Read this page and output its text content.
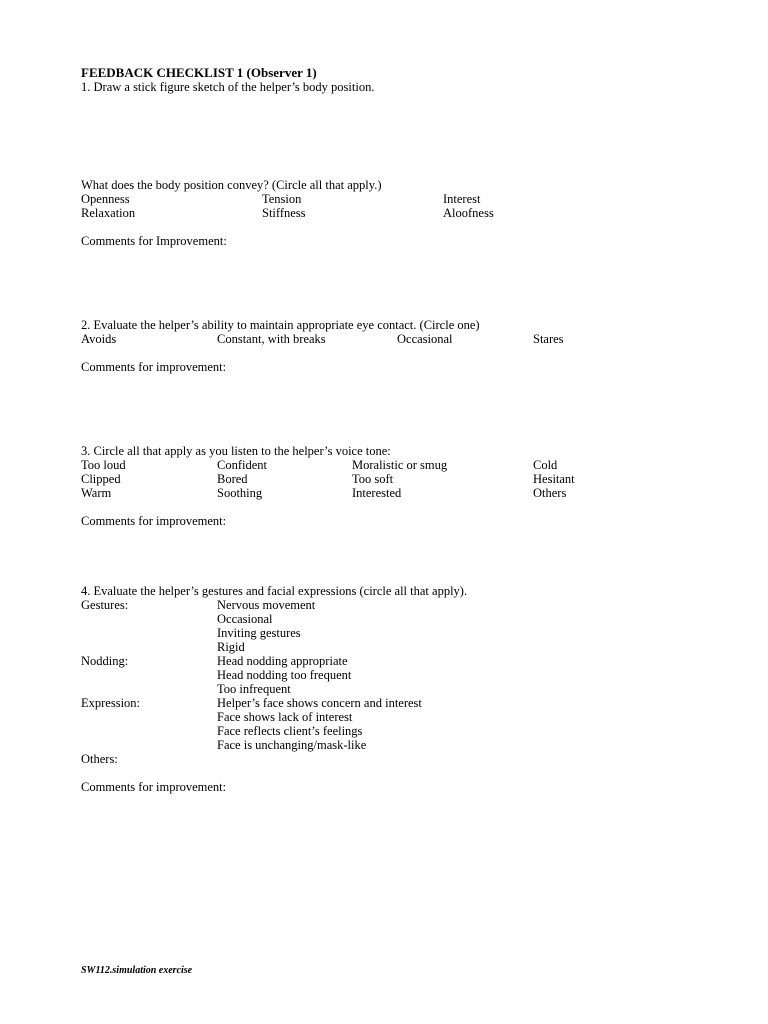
FEEDBACK CHECKLIST 1 (Observer 1)
1. Draw a stick figure sketch of the helper’s body position.
What does the body position convey? (Circle all that apply.)
Openness	Tension	Interest
Relaxation	Stiffness	Aloofness
Comments for Improvement:
2. Evaluate the helper’s ability to maintain appropriate eye contact. (Circle one)
Avoids	Constant, with breaks	Occasional	Stares
Comments for improvement:
3. Circle all that apply as you listen to the helper’s voice tone:
Too loud	Confident	Moralistic or smug	Cold
Clipped	Bored	Too soft	Hesitant
Warm	Soothing	Interested	Others
Comments for improvement:
4. Evaluate the helper’s gestures and facial expressions (circle all that apply).
Gestures:	Nervous movement
Occasional
Inviting gestures
Rigid
Nodding:	Head nodding appropriate
Head nodding too frequent
Too infrequent
Expression:	Helper’s face shows concern and interest
Face shows lack of interest
Face reflects client’s feelings
Face is unchanging/mask-like
Others:
Comments for improvement:
SW112.simulation exercise
